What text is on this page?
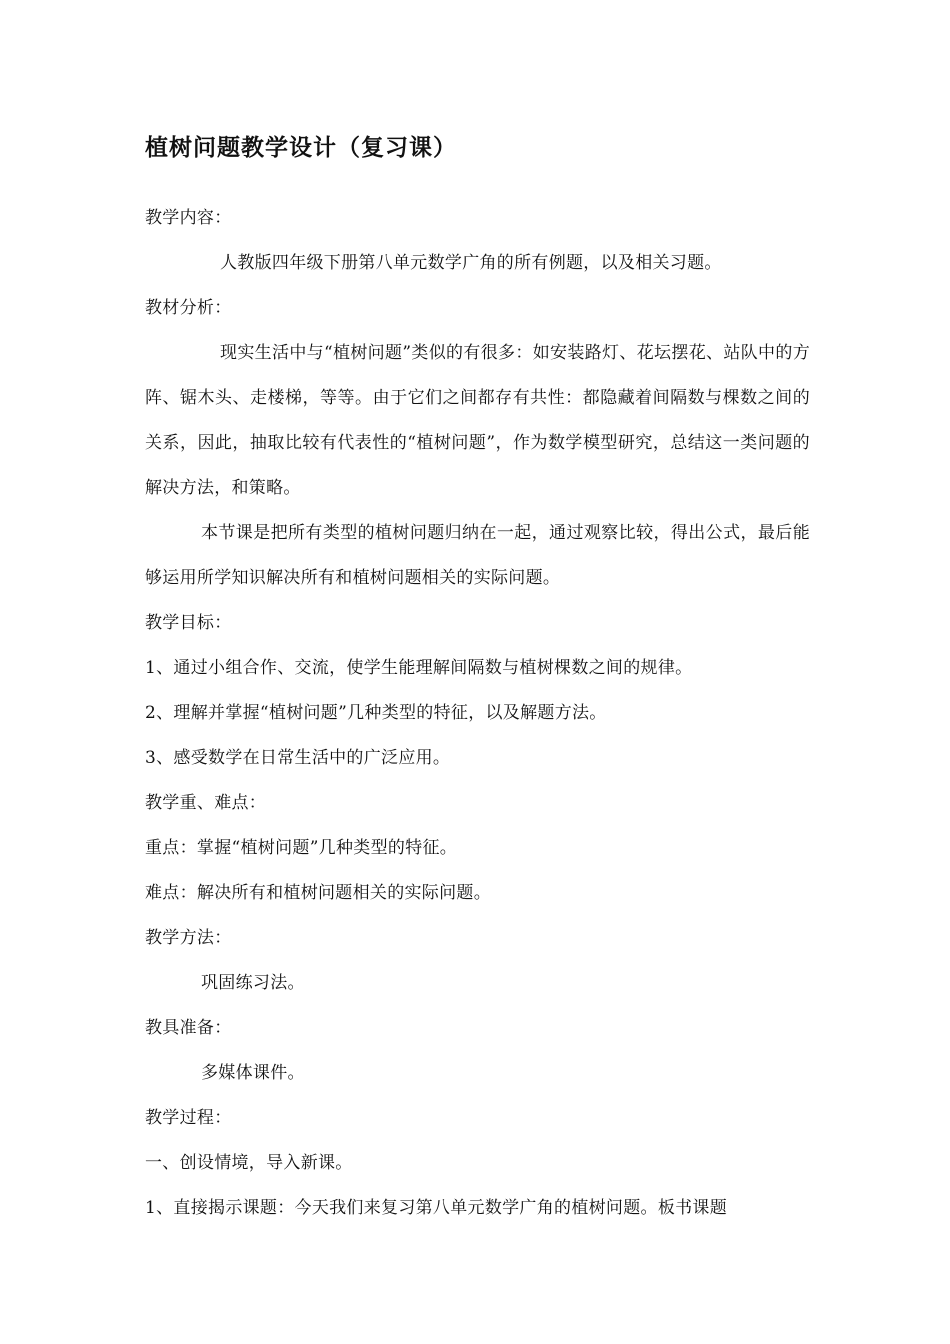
植树问题教学设计（复习课）

教学内容：

人教版四年级下册第八单元数学广角的所有例题，以及相关习题。

教材分析：

现实生活中与“植树问题”类似的有很多：如安装路灯、花坛摆花、站队中的方阵、锯木头、走楼梯，等等。由于它们之间都存有共性：都隐藏着间隔数与棵数之间的关系，因此，抽取比较有代表性的“植树问题”，作为数学模型研究，总结这一类问题的解决方法，和策略。

本节课是把所有类型的植树问题归纳在一起，通过观察比较，得出公式，最后能够运用所学知识解决所有和植树问题相关的实际问题。

教学目标：

1、通过小组合作、交流，使学生能理解间隔数与植树棵数之间的规律。

2、理解并掌握“植树问题”几种类型的特征，以及解题方法。

3、感受数学在日常生活中的广泛应用。

教学重、难点：

重点：掌握“植树问题”几种类型的特征。

难点：解决所有和植树问题相关的实际问题。

教学方法：

巩固练习法。

教具准备：

多媒体课件。

教学过程：

一、创设情境，导入新课。

1、直接揭示课题：今天我们来复习第八单元数学广角的植树问题。板书课题
